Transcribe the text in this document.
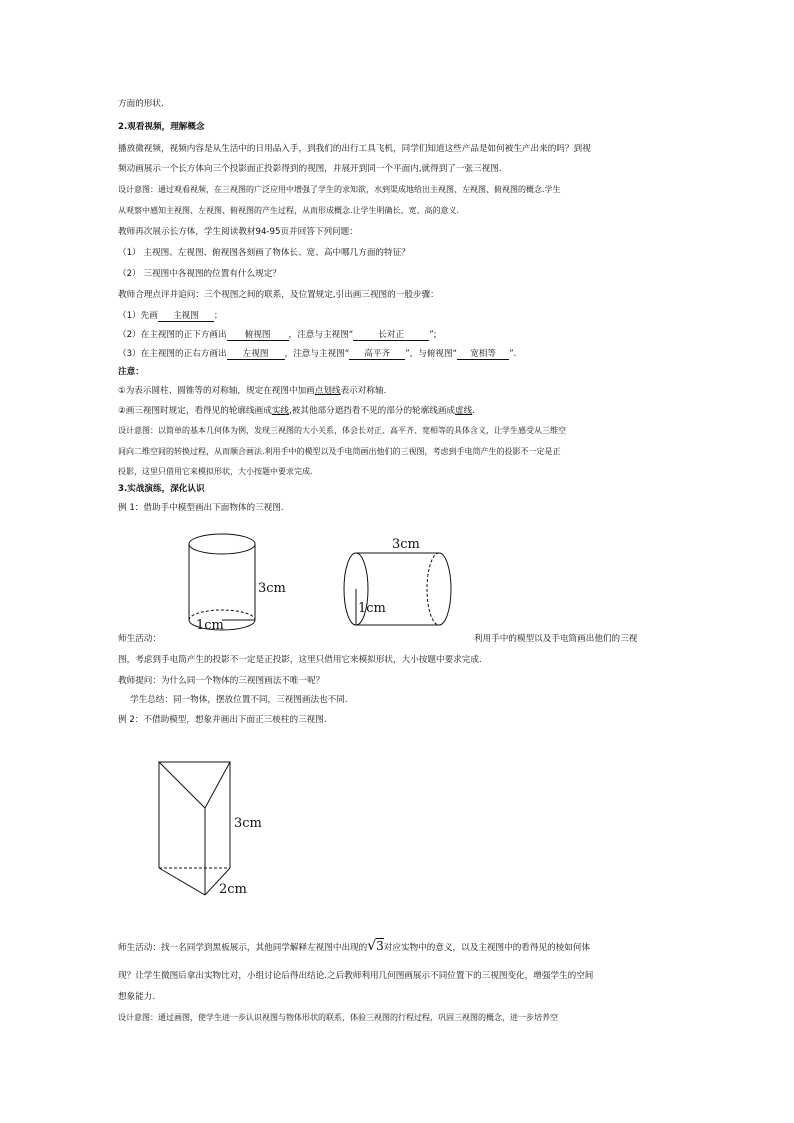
方面的形状.
2.观看视频，理解概念
播放微视频，视频内容是从生活中的日用品入手，到我们的出行工具飞机，同学们知道这些产品是如何被生产出来的吗？到视
频动画展示一个长方体向三个投影面正投影得到的视图，并展开到同一个平面内,就得到了一张三视图.
设计意图：通过观看视频，在三视图的广泛应用中增强了学生的求知欲，水到渠成地给出主视图、左视图、俯视图的概念.学生
从观察中感知主视图、左视图、俯视图的产生过程，从而形成概念.让学生明确长、宽、高的意义.
教师再次展示长方体，学生阅读教材94-95页并回答下列问题：
（1） 主视图、左视图、俯视图各刻画了物体长、宽、高中哪几方面的特征？
（2） 三视图中各视图的位置有什么规定？
教师合理点评并追问：三个视图之间的联系，及位置规定,引出画三视图的一般步骤：
（1）先画 主视图 ；
（2）在主视图的正下方画出 俯视图 ，注意与主视图“	长对正	”;
（3）在主视图的正右方画出 左视图 ，注意与主视图“ 高平齐 ”，与俯视图“ 宽相等 ”.
注意：
①为表示圆柱、圆锥等的对称轴，规定在视图中加画点划线表示对称轴.
②画三视图时规定，看得见的轮廓线画成实线,被其他部分遮挡看不见的部分的轮廓线画成虚线.
设计意图：以简单的基本几何体为例，发现三视图的大小关系，体会长对正、高平齐、宽相等的具体含义，让学生感受从三维空
间向二维空间的转换过程，从而顺合画法.利用手中的模型以及手电筒画出他们的三视图，考虑到手电筒产生的投影不一定是正
投影，这里只借用它来模拟形状，大小按题中要求完成.
3.实战演练，深化认识
例 1：借助手中模型画出下面物体的三视图.
3cm
1cm
3cm
1cm
师生活动：	利用手中的模型以及手电筒画出他们的三视
图，考虑到手电筒产生的投影不一定是正投影，这里只借用它来模拟形状，大小按题中要求完成.
教师提问：为什么同一个物体的三视图画法不唯一呢？
学生总结：同一物体，摆放位置不同，三视图画法也不同.
例 2：不借助模型，想象并画出下面正三棱柱的三视图.
3cm
2cm
师生活动：找一名同学到黑板展示，其他同学解释左视图中出现的√3对应实物中的意义，以及主视图中的看得见的棱如何体
现？让学生微图后拿出实物比对，小组讨论后得出结论.之后教师利用几何图画展示不同位置下的三视图变化，增强学生的空间
想象能力.
设计意图：通过画图，使学生进一步认识视图与物体形状的联系，体验三视图的行程过程，巩固三视图的概念，进一步培养空
